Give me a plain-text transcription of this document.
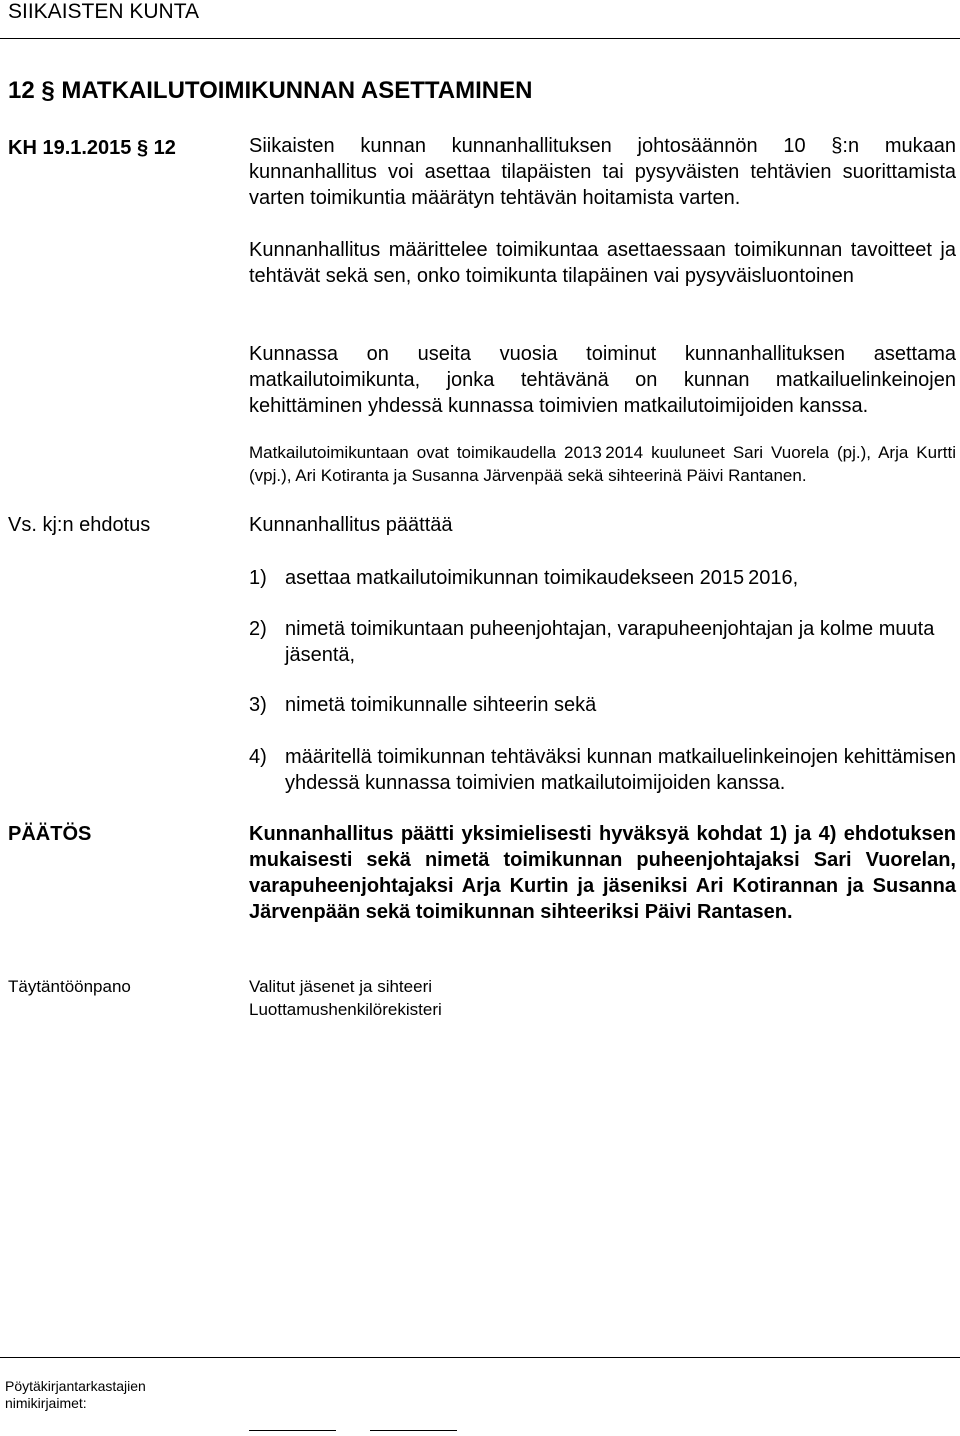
SIIKAISTEN KUNTA
12 § MATKAILUTOIMIKUNNAN ASETTAMINEN
KH 19.1.2015 § 12	Siikaisten kunnan kunnanhallituksen johtosäännön 10 §:n mukaan kunnanhallitus voi asettaa tilapäisten tai pysyväisten tehtävien suorittamista varten toimikuntia määrätyn tehtävän hoitamista varten.
Kunnanhallitus määrittelee toimikuntaa asettaessaan toimikunnan tavoitteet ja tehtävät sekä sen, onko toimikunta tilapäinen vai pysyväisluontoinen
Kunnassa on useita vuosia toiminut kunnanhallituksen asettama matkailutoimikunta, jonka tehtävänä on kunnan matkailuelinkeinojen kehittäminen yhdessä kunnassa toimivien matkailutoimijoiden kanssa.
Matkailutoimikuntaan ovat toimikaudella 2013 2014 kuuluneet Sari Vuorela (pj.), Arja Kurtti (vpj.), Ari Kotiranta ja Susanna Järvenpää sekä sihteerinä Päivi Rantanen.
Vs. kj:n ehdotus	Kunnanhallitus päättää
1) asettaa matkailutoimikunnan toimikaudekseen 2015 2016,
2) nimetä toimikuntaan puheenjohtajan, varapuheenjohtajan ja kolme muuta jäsentä,
3) nimetä toimikunnalle sihteerin sekä
4) määritellä toimikunnan tehtäväksi kunnan matkailuelinkeinojen kehittämisen yhdessä kunnassa toimivien matkailutoimijoiden kanssa.
PÄÄTÖS	Kunnanhallitus päätti yksimielisesti hyväksyä kohdat 1) ja 4) ehdotuksen mukaisesti sekä nimetä toimikunnan puheenjohtajaksi Sari Vuorelan, varapuheenjohtajaksi Arja Kurtin ja jäseniksi Ari Kotirannan ja Susanna Järvenpään sekä toimikunnan sihteeriksi Päivi Rantasen.
Täytäntöönpano	Valitut jäsenet ja sihteeri
Luottamushenkilörekisteri
Pöytäkirjantarkastajien nimikirjaimet:
